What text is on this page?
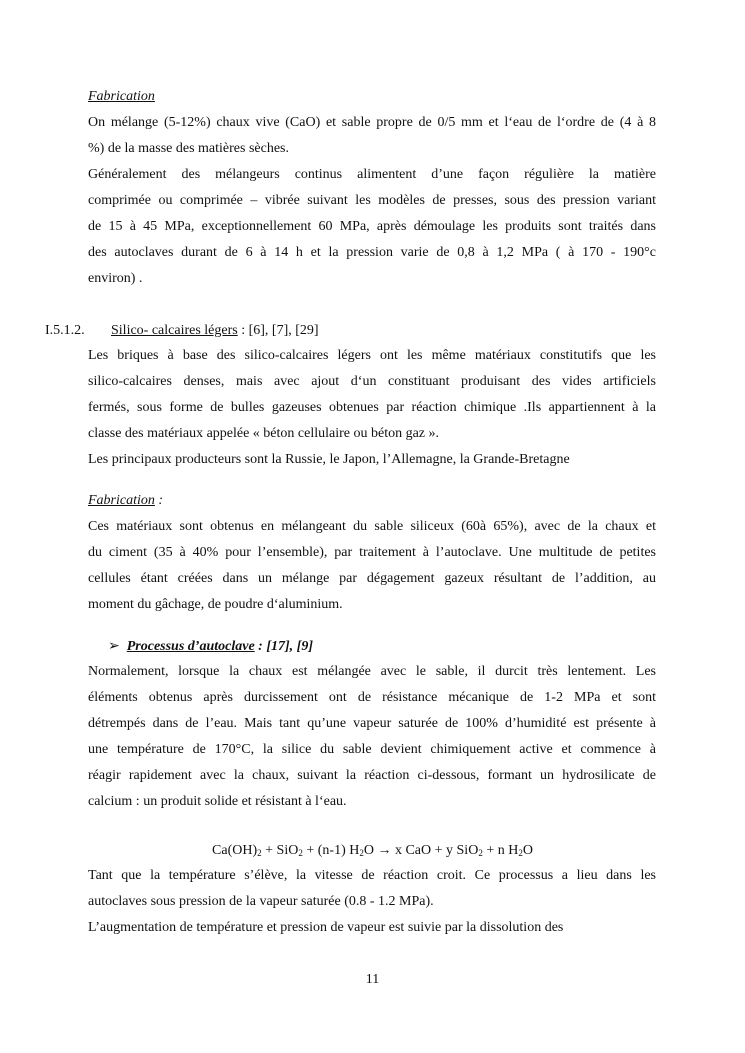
Fabrication
On mélange (5-12%) chaux vive (CaO) et sable propre de 0/5 mm et l‘eau de l‘ordre de (4 à 8
%) de la masse des matières sèches.
Généralement des mélangeurs continus alimentent d’une façon régulière la matière
comprimée ou comprimée – vibrée suivant les modèles de presses, sous des pression variant
de 15 à 45 MPa, exceptionnellement 60 MPa, après démoulage les produits sont traités dans
des autoclaves durant de 6 à 14 h et la pression varie de 0,8 à 1,2 MPa ( à 170 - 190°c
environ) .
I.5.1.2. Silico- calcaires légers : [6], [7], [29]
Les briques à base des silico-calcaires légers ont les même matériaux constitutifs que les
silico-calcaires denses, mais avec ajout d‘un constituant produisant des vides artificiels
fermés, sous forme de bulles gazeuses obtenues par réaction chimique .Ils appartiennent à la
classe des matériaux appelée « béton cellulaire ou béton gaz ».
Les principaux producteurs sont la Russie, le Japon, l’Allemagne, la Grande-Bretagne
Fabrication :
Ces matériaux sont obtenus en mélangeant du sable siliceux (60à 65%), avec de la chaux et
du ciment (35 à 40% pour l’ensemble), par traitement à l’autoclave. Une multitude de petites
cellules étant créées dans un mélange par dégagement gazeux résultant de l’addition, au
moment du gâchage, de poudre d‘aluminium.
➢ Processus d’autoclave : [17], [9]
Normalement, lorsque la chaux est mélangée avec le sable, il durcit très lentement. Les
éléments obtenus après durcissement ont de résistance mécanique de 1-2 MPa et sont
détrempés dans de l’eau. Mais tant qu’une vapeur saturée de 100% d’humidité est présente à
une température de 170°C, la silice du sable devient chimiquement active et commence à
réagir rapidement avec la chaux, suivant la réaction ci-dessous, formant un hydrosilicate de
calcium : un produit solide et résistant à l‘eau.
$Ca(OH)_2 + SiO_2 + (n-1) H_2O \to x$ CaO + y SiO$_2$ + n $H_2O$
Tant que la température s’élève, la vitesse de réaction croit. Ce processus a lieu dans les
autoclaves sous pression de la vapeur saturée (0.8 - 1.2 MPa).
L’augmentation de température et pression de vapeur est suivie par la dissolution des
11
